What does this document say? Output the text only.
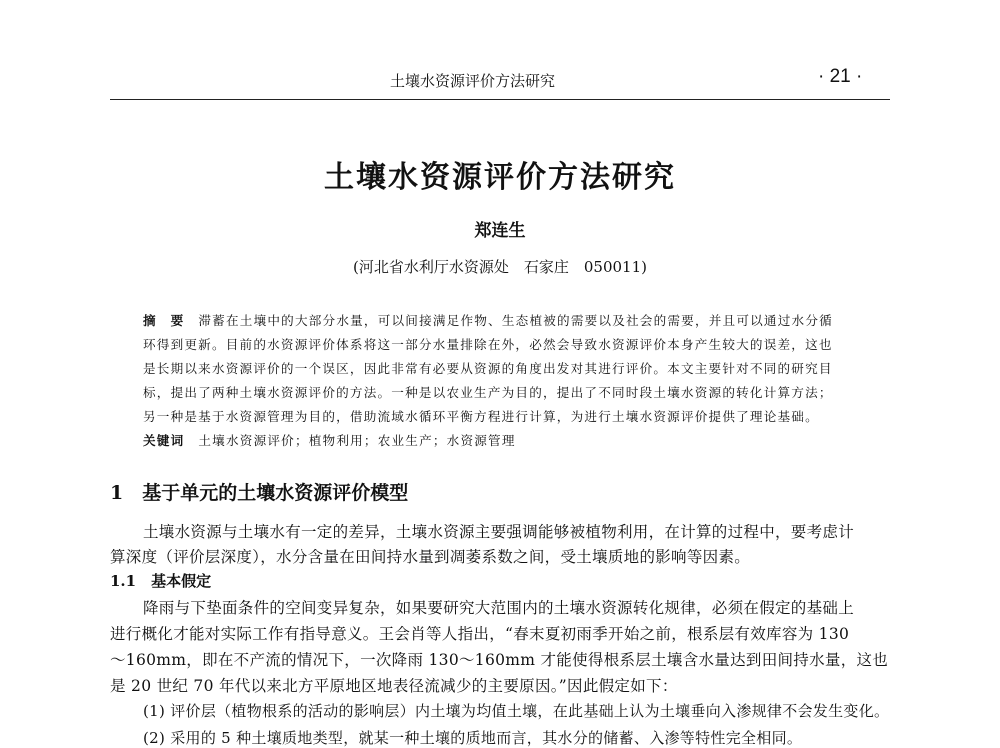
土壤水资源评价方法研究	· 21 ·
土壤水资源评价方法研究
郑连生
(河北省水利厅水资源处　石家庄　050011)
摘　要 滞蓄在土壤中的大部分水量，可以间接满足作物、生态植被的需要以及社会的需要，并且可以通过水分循
环得到更新。目前的水资源评价体系将这一部分水量排除在外，必然会导致水资源评价本身产生较大的误差，这也
是长期以来水资源评价的一个误区，因此非常有必要从资源的角度出发对其进行评价。本文主要针对不同的研究目
标，提出了两种土壤水资源评价的方法。一种是以农业生产为目的，提出了不同时段土壤水资源的转化计算方法；
另一种是基于水资源管理为目的，借助流域水循环平衡方程进行计算，为进行土壤水资源评价提供了理论基础。
关键词 土壤水资源评价；植物利用；农业生产；水资源管理
1　基于单元的土壤水资源评价模型
土壤水资源与土壤水有一定的差异，土壤水资源主要强调能够被植物利用，在计算的过程中，要考虑计
算深度（评价层深度），水分含量在田间持水量到凋萎系数之间，受土壤质地的影响等因素。
1.1　基本假定
降雨与下垫面条件的空间变异复杂，如果要研究大范围内的土壤水资源转化规律，必须在假定的基础上
进行概化才能对实际工作有指导意义。王会肖等人指出，“春末夏初雨季开始之前，根系层有效库容为 130
～160mm，即在不产流的情况下，一次降雨 130～160mm 才能使得根系层土壤含水量达到田间持水量，这也
是 20 世纪 70 年代以来北方平原地区地表径流减少的主要原因。”因此假定如下：
(1) 评价层（植物根系的活动的影响层）内土壤为均值土壤，在此基础上认为土壤垂向入渗规律不会发生变化。
(2) 采用的 5 种土壤质地类型，就某一种土壤的质地而言，其水分的储蓄、入渗等特性完全相同。
